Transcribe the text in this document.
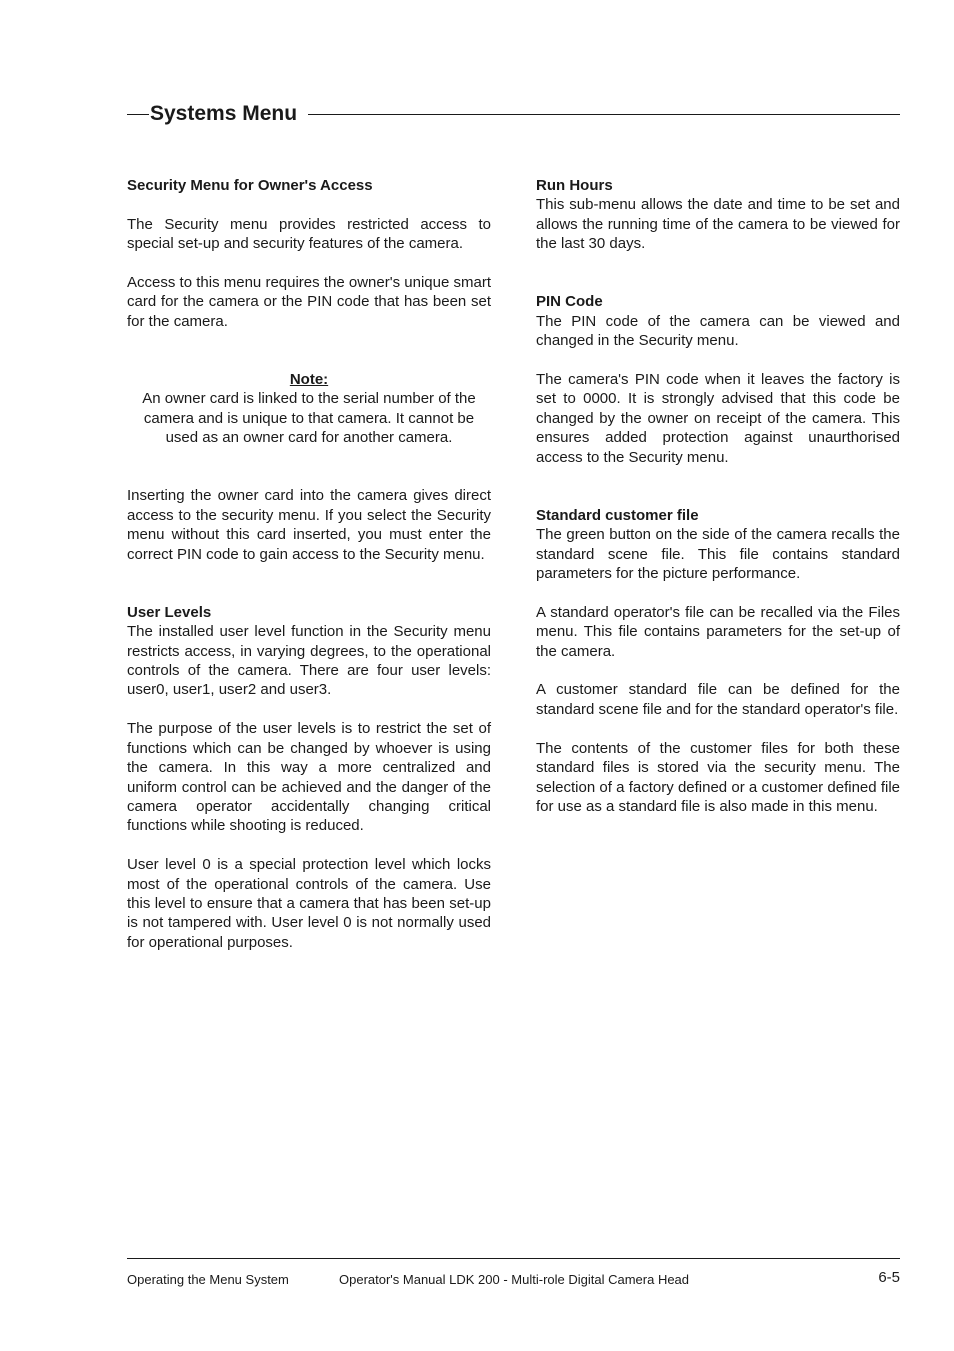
Systems Menu
Security Menu for Owner's Access

The Security menu provides restricted access to special set-up and security features of the camera.

Access to this menu requires the owner's unique smart card for the camera or the PIN code that has been set for the camera.

Note:

An owner card is linked to the serial number of the camera and is unique to that camera. It cannot be used as an owner card for another camera.

Inserting the owner card into the camera gives direct access to the security menu. If you select the Security menu without this card inserted, you must enter the correct PIN code to gain access to the Security menu.

User Levels

The installed user level function in the Security menu restricts access, in varying degrees, to the operational controls of the camera. There are four user levels: user0, user1, user2 and user3.

The purpose of the user levels is to restrict the set of functions which can be changed by whoever is using the camera. In this way a more centralized and uniform control can be achieved and the danger of the camera operator accidentally changing critical functions while shooting is reduced.

User level 0 is a special protection level which locks most of the operational controls of the camera. Use this level to ensure that a camera that has been set-up is not tampered with. User level 0 is not normally used for operational purposes.

Run Hours

This sub-menu allows the date and time to be set and allows the running time of the camera to be viewed for the last 30 days.

PIN Code

The PIN code of the camera can be viewed and changed in the Security menu.

The camera's PIN code when it leaves the factory is set to 0000. It is strongly advised that this code be changed by the owner on receipt of the camera. This ensures added protection against unaurthorised access to the Security menu.

Standard customer file

The green button on the side of the camera recalls the standard scene file. This file contains standard parameters for the picture performance.

A standard operator's file can be recalled via the Files menu. This file contains parameters for the set-up of the camera.

A customer standard file can be defined for the standard scene file and for the standard operator's file.

The contents of the customer files for both these standard files is stored via the security menu. The selection of a factory defined or a customer defined file for use as a standard file is also made in this menu.

Operating the Menu System	Operator's Manual LDK 200 - Multi-role Digital Camera Head	6-5
